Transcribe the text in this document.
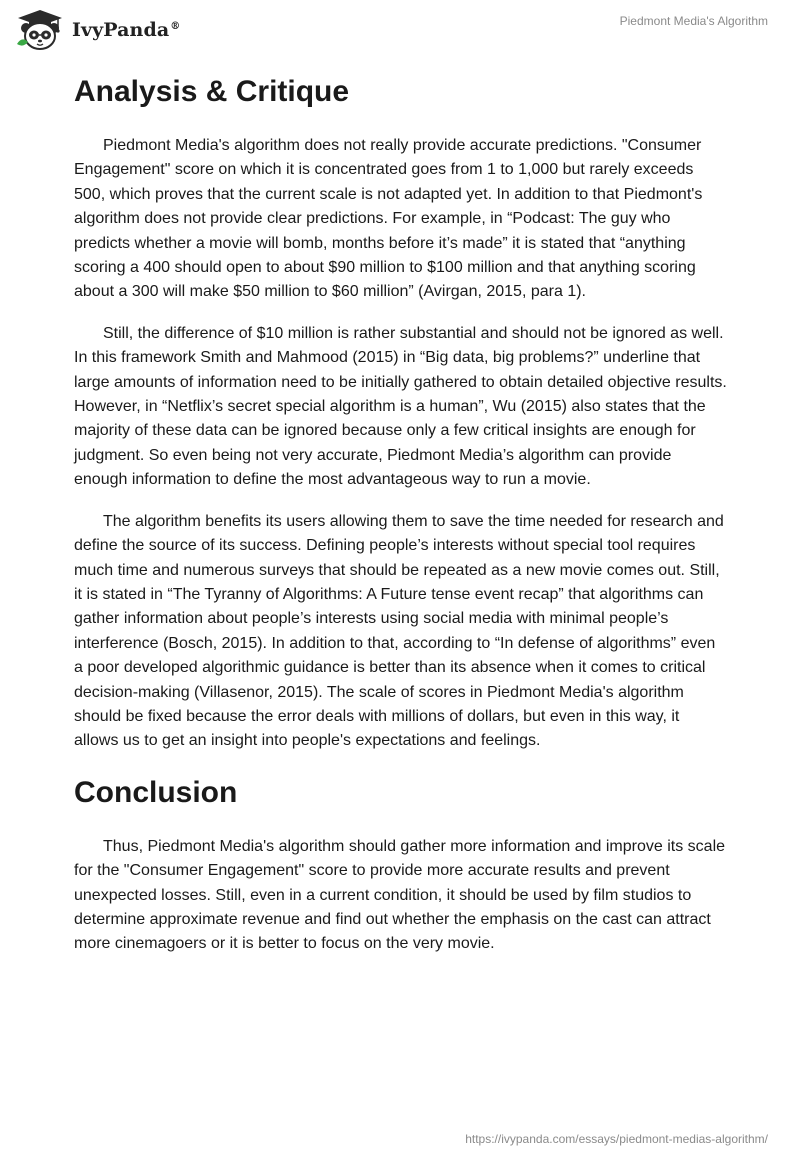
IvyPanda®	Piedmont Media's Algorithm
Analysis & Critique

Piedmont Media's algorithm does not really provide accurate predictions. "Consumer Engagement" score on which it is concentrated goes from 1 to 1,000 but rarely exceeds 500, which proves that the current scale is not adapted yet. In addition to that Piedmont's algorithm does not provide clear predictions. For example, in “Podcast: The guy who predicts whether a movie will bomb, months before it’s made” it is stated that “anything scoring a 400 should open to about $90 million to $100 million and that anything scoring about a 300 will make $50 million to $60 million” (Avirgan, 2015, para 1).

Still, the difference of $10 million is rather substantial and should not be ignored as well. In this framework Smith and Mahmood (2015) in “Big data, big problems?” underline that large amounts of information need to be initially gathered to obtain detailed objective results. However, in “Netflix’s secret special algorithm is a human”, Wu (2015) also states that the majority of these data can be ignored because only a few critical insights are enough for judgment. So even being not very accurate, Piedmont Media’s algorithm can provide enough information to define the most advantageous way to run a movie.

The algorithm benefits its users allowing them to save the time needed for research and define the source of its success. Defining people’s interests without special tool requires much time and numerous surveys that should be repeated as a new movie comes out. Still, it is stated in “The Tyranny of Algorithms: A Future tense event recap” that algorithms can gather information about people’s interests using social media with minimal people’s interference (Bosch, 2015). In addition to that, according to “In defense of algorithms” even a poor developed algorithmic guidance is better than its absence when it comes to critical decision-making (Villasenor, 2015). The scale of scores in Piedmont Media's algorithm should be fixed because the error deals with millions of dollars, but even in this way, it allows us to get an insight into people's expectations and feelings.

Conclusion

Thus, Piedmont Media's algorithm should gather more information and improve its scale for the "Consumer Engagement" score to provide more accurate results and prevent unexpected losses. Still, even in a current condition, it should be used by film studios to determine approximate revenue and find out whether the emphasis on the cast can attract more cinemagoers or it is better to focus on the very movie.

https://ivypanda.com/essays/piedmont-medias-algorithm/
